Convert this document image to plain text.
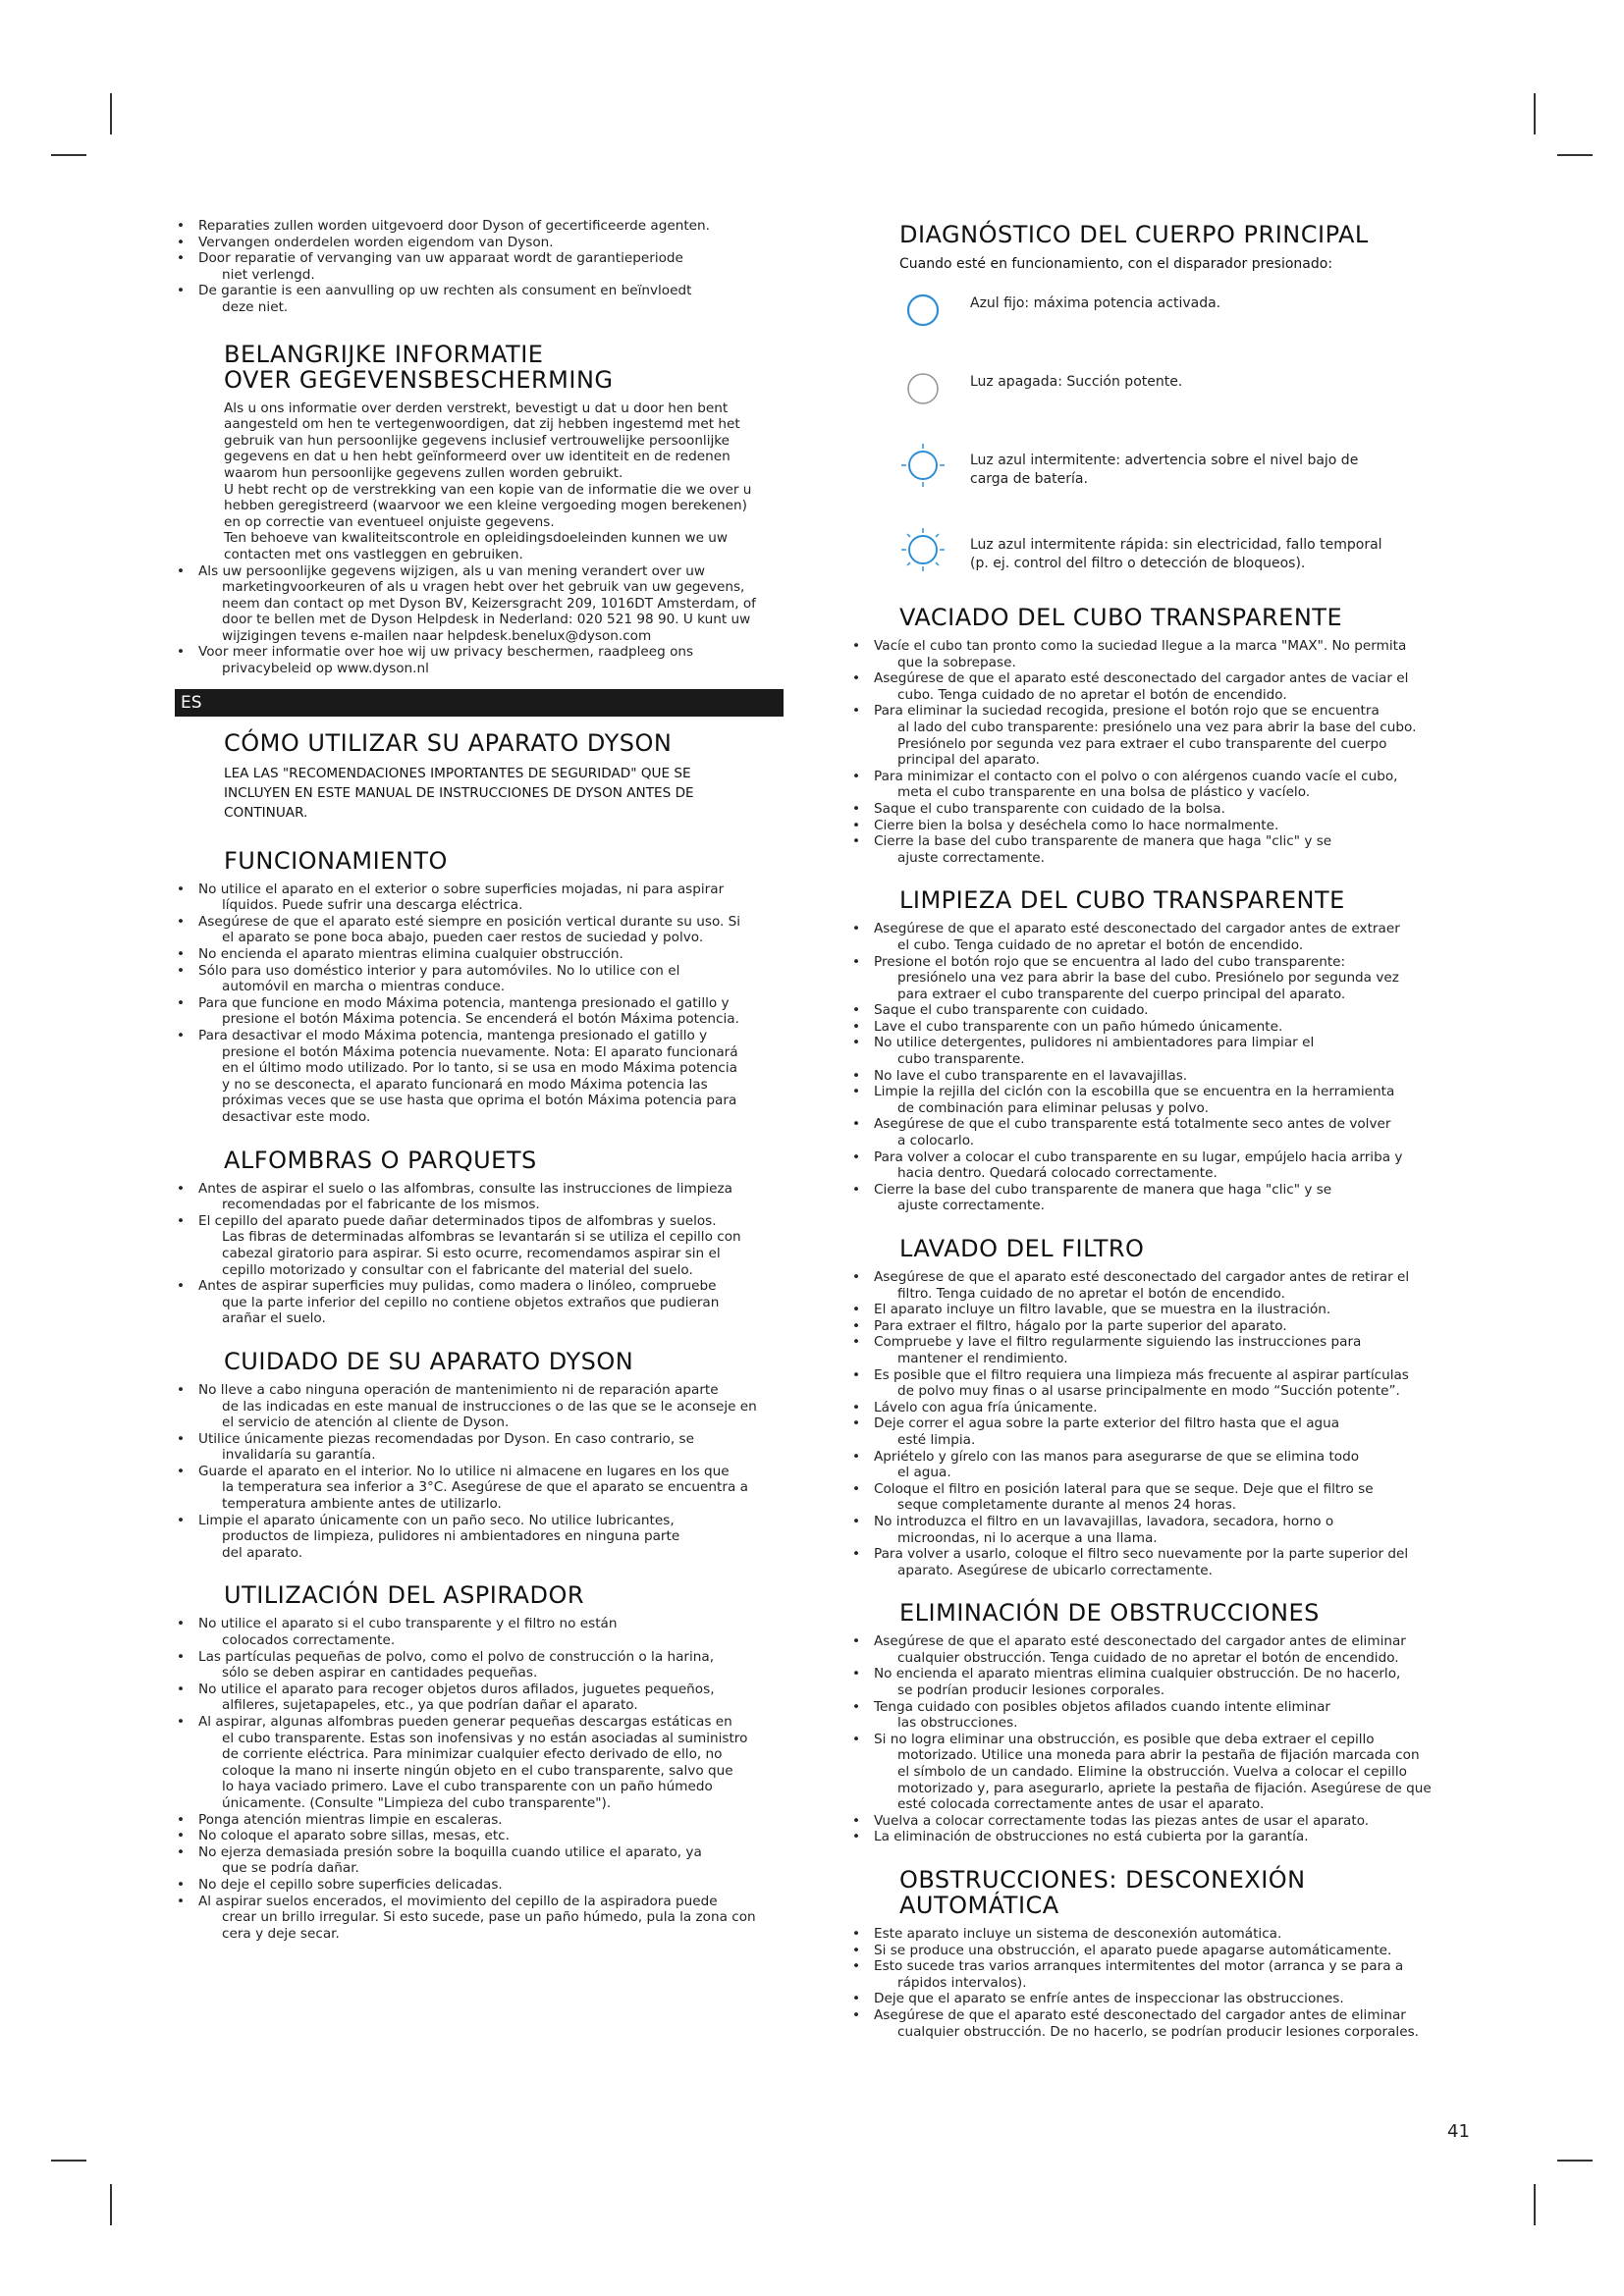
• Reparaties zullen worden uitgevoerd door Dyson of gecertificeerde agenten.
• Vervangen onderdelen worden eigendom van Dyson.
• Door reparatie of vervanging van uw apparaat wordt de garantieperiode
niet verlengd.
• De garantie is een aanvulling op uw rechten als consument en beïnvloedt
deze niet.
BELANGRIJKE INFORMATIE
OVER GEGEVENSBESCHERMING
Als u ons informatie over derden verstrekt, bevestigt u dat u door hen bent
aangesteld om hen te vertegenwoordigen, dat zij hebben ingestemd met het
gebruik van hun persoonlijke gegevens inclusief vertrouwelijke persoonlijke
gegevens en dat u hen hebt geïnformeerd over uw identiteit en de redenen
waarom hun persoonlijke gegevens zullen worden gebruikt.
U hebt recht op de verstrekking van een kopie van de informatie die we over u
hebben geregistreerd (waarvoor we een kleine vergoeding mogen berekenen)
en op correctie van eventueel onjuiste gegevens.
Ten behoeve van kwaliteitscontrole en opleidingsdoeleinden kunnen we uw
contacten met ons vastleggen en gebruiken.
• Als uw persoonlijke gegevens wijzigen, als u van mening verandert over uw
marketingvoorkeuren of als u vragen hebt over het gebruik van uw gegevens,
neem dan contact op met Dyson BV, Keizersgracht 209, 1016DT Amsterdam, of
door te bellen met de Dyson Helpdesk in Nederland: 020 521 98 90. U kunt uw
wijzigingen tevens e-mailen naar helpdesk.benelux@dyson.com
• Voor meer informatie over hoe wij uw privacy beschermen, raadpleeg ons
privacybeleid op www.dyson.nl
ES
CÓMO UTILIZAR SU APARATO DYSON
LEA LAS "RECOMENDACIONES IMPORTANTES DE SEGURIDAD" QUE SE
INCLUYEN EN ESTE MANUAL DE INSTRUCCIONES DE DYSON ANTES DE
CONTINUAR.
FUNCIONAMIENTO
• No utilice el aparato en el exterior o sobre superficies mojadas, ni para aspirar
líquidos. Puede sufrir una descarga eléctrica.
• Asegúrese de que el aparato esté siempre en posición vertical durante su uso. Si
el aparato se pone boca abajo, pueden caer restos de suciedad y polvo.
• No encienda el aparato mientras elimina cualquier obstrucción.
• Sólo para uso doméstico interior y para automóviles. No lo utilice con el
automóvil en marcha o mientras conduce.
• Para que funcione en modo Máxima potencia, mantenga presionado el gatillo y
presione el botón Máxima potencia. Se encenderá el botón Máxima potencia.
• Para desactivar el modo Máxima potencia, mantenga presionado el gatillo y
presione el botón Máxima potencia nuevamente. Nota: El aparato funcionará
en el último modo utilizado. Por lo tanto, si se usa en modo Máxima potencia
y no se desconecta, el aparato funcionará en modo Máxima potencia las
próximas veces que se use hasta que oprima el botón Máxima potencia para
desactivar este modo.
ALFOMBRAS O PARQUETS
• Antes de aspirar el suelo o las alfombras, consulte las instrucciones de limpieza
recomendadas por el fabricante de los mismos.
• El cepillo del aparato puede dañar determinados tipos de alfombras y suelos.
Las fibras de determinadas alfombras se levantarán si se utiliza el cepillo con
cabezal giratorio para aspirar. Si esto ocurre, recomendamos aspirar sin el
cepillo motorizado y consultar con el fabricante del material del suelo.
• Antes de aspirar superficies muy pulidas, como madera o linóleo, compruebe
que la parte inferior del cepillo no contiene objetos extraños que pudieran
arañar el suelo.
CUIDADO DE SU APARATO DYSON
• No lleve a cabo ninguna operación de mantenimiento ni de reparación aparte
de las indicadas en este manual de instrucciones o de las que se le aconseje en
el servicio de atención al cliente de Dyson.
• Utilice únicamente piezas recomendadas por Dyson. En caso contrario, se
invalidaría su garantía.
• Guarde el aparato en el interior. No lo utilice ni almacene en lugares en los que
la temperatura sea inferior a 3°C. Asegúrese de que el aparato se encuentra a
temperatura ambiente antes de utilizarlo.
• Limpie el aparato únicamente con un paño seco. No utilice lubricantes,
productos de limpieza, pulidores ni ambientadores en ninguna parte
del aparato.
UTILIZACIÓN DEL ASPIRADOR
• No utilice el aparato si el cubo transparente y el filtro no están
colocados correctamente.
• Las partículas pequeñas de polvo, como el polvo de construcción o la harina,
sólo se deben aspirar en cantidades pequeñas.
• No utilice el aparato para recoger objetos duros afilados, juguetes pequeños,
alfileres, sujetapapeles, etc., ya que podrían dañar el aparato.
• Al aspirar, algunas alfombras pueden generar pequeñas descargas estáticas en
el cubo transparente. Estas son inofensivas y no están asociadas al suministro
de corriente eléctrica. Para minimizar cualquier efecto derivado de ello, no
coloque la mano ni inserte ningún objeto en el cubo transparente, salvo que
lo haya vaciado primero. Lave el cubo transparente con un paño húmedo
únicamente. (Consulte "Limpieza del cubo transparente").
• Ponga atención mientras limpie en escaleras.
• No coloque el aparato sobre sillas, mesas, etc.
• No ejerza demasiada presión sobre la boquilla cuando utilice el aparato, ya
que se podría dañar.
• No deje el cepillo sobre superficies delicadas.
• Al aspirar suelos encerados, el movimiento del cepillo de la aspiradora puede
crear un brillo irregular. Si esto sucede, pase un paño húmedo, pula la zona con
cera y deje secar.
DIAGNÓSTICO DEL CUERPO PRINCIPAL
Cuando esté en funcionamiento, con el disparador presionado:
Azul fijo: máxima potencia activada.
Luz apagada: Succión potente.
Luz azul intermitente: advertencia sobre el nivel bajo de
carga de batería.
Luz azul intermitente rápida: sin electricidad, fallo temporal
(p. ej. control del filtro o detección de bloqueos).
VACIADO DEL CUBO TRANSPARENTE
• Vacíe el cubo tan pronto como la suciedad llegue a la marca "MAX". No permita
que la sobrepase.
• Asegúrese de que el aparato esté desconectado del cargador antes de vaciar el
cubo. Tenga cuidado de no apretar el botón de encendido.
• Para eliminar la suciedad recogida, presione el botón rojo que se encuentra
al lado del cubo transparente: presiónelo una vez para abrir la base del cubo.
Presiónelo por segunda vez para extraer el cubo transparente del cuerpo
principal del aparato.
• Para minimizar el contacto con el polvo o con alérgenos cuando vacíe el cubo,
meta el cubo transparente en una bolsa de plástico y vacíelo.
• Saque el cubo transparente con cuidado de la bolsa.
• Cierre bien la bolsa y deséchela como lo hace normalmente.
• Cierre la base del cubo transparente de manera que haga "clic" y se
ajuste correctamente.
LIMPIEZA DEL CUBO TRANSPARENTE
• Asegúrese de que el aparato esté desconectado del cargador antes de extraer
el cubo. Tenga cuidado de no apretar el botón de encendido.
• Presione el botón rojo que se encuentra al lado del cubo transparente:
presiónelo una vez para abrir la base del cubo. Presiónelo por segunda vez
para extraer el cubo transparente del cuerpo principal del aparato.
• Saque el cubo transparente con cuidado.
• Lave el cubo transparente con un paño húmedo únicamente.
• No utilice detergentes, pulidores ni ambientadores para limpiar el
cubo transparente.
• No lave el cubo transparente en el lavavajillas.
• Limpie la rejilla del ciclón con la escobilla que se encuentra en la herramienta
de combinación para eliminar pelusas y polvo.
• Asegúrese de que el cubo transparente está totalmente seco antes de volver
a colocarlo.
• Para volver a colocar el cubo transparente en su lugar, empújelo hacia arriba y
hacia dentro. Quedará colocado correctamente.
• Cierre la base del cubo transparente de manera que haga "clic" y se
ajuste correctamente.
LAVADO DEL FILTRO
• Asegúrese de que el aparato esté desconectado del cargador antes de retirar el
filtro. Tenga cuidado de no apretar el botón de encendido.
• El aparato incluye un filtro lavable, que se muestra en la ilustración.
• Para extraer el filtro, hágalo por la parte superior del aparato.
• Compruebe y lave el filtro regularmente siguiendo las instrucciones para
mantener el rendimiento.
• Es posible que el filtro requiera una limpieza más frecuente al aspirar partículas
de polvo muy finas o al usarse principalmente en modo “Succión potente”.
• Lávelo con agua fría únicamente.
• Deje correr el agua sobre la parte exterior del filtro hasta que el agua
esté limpia.
• Apriételo y gírelo con las manos para asegurarse de que se elimina todo
el agua.
• Coloque el filtro en posición lateral para que se seque. Deje que el filtro se
seque completamente durante al menos 24 horas.
• No introduzca el filtro en un lavavajillas, lavadora, secadora, horno o
microondas, ni lo acerque a una llama.
• Para volver a usarlo, coloque el filtro seco nuevamente por la parte superior del
aparato. Asegúrese de ubicarlo correctamente.
ELIMINACIÓN DE OBSTRUCCIONES
• Asegúrese de que el aparato esté desconectado del cargador antes de eliminar
cualquier obstrucción. Tenga cuidado de no apretar el botón de encendido.
• No encienda el aparato mientras elimina cualquier obstrucción. De no hacerlo,
se podrían producir lesiones corporales.
• Tenga cuidado con posibles objetos afilados cuando intente eliminar
las obstrucciones.
• Si no logra eliminar una obstrucción, es posible que deba extraer el cepillo
motorizado. Utilice una moneda para abrir la pestaña de fijación marcada con
el símbolo de un candado. Elimine la obstrucción. Vuelva a colocar el cepillo
motorizado y, para asegurarlo, apriete la pestaña de fijación. Asegúrese de que
esté colocada correctamente antes de usar el aparato.
• Vuelva a colocar correctamente todas las piezas antes de usar el aparato.
• La eliminación de obstrucciones no está cubierta por la garantía.
OBSTRUCCIONES: DESCONEXIÓN AUTOMÁTICA
• Este aparato incluye un sistema de desconexión automática.
• Si se produce una obstrucción, el aparato puede apagarse automáticamente.
• Esto sucede tras varios arranques intermitentes del motor (arranca y se para a
rápidos intervalos).
• Deje que el aparato se enfríe antes de inspeccionar las obstrucciones.
• Asegúrese de que el aparato esté desconectado del cargador antes de eliminar
cualquier obstrucción. De no hacerlo, se podrían producir lesiones corporales.
41
